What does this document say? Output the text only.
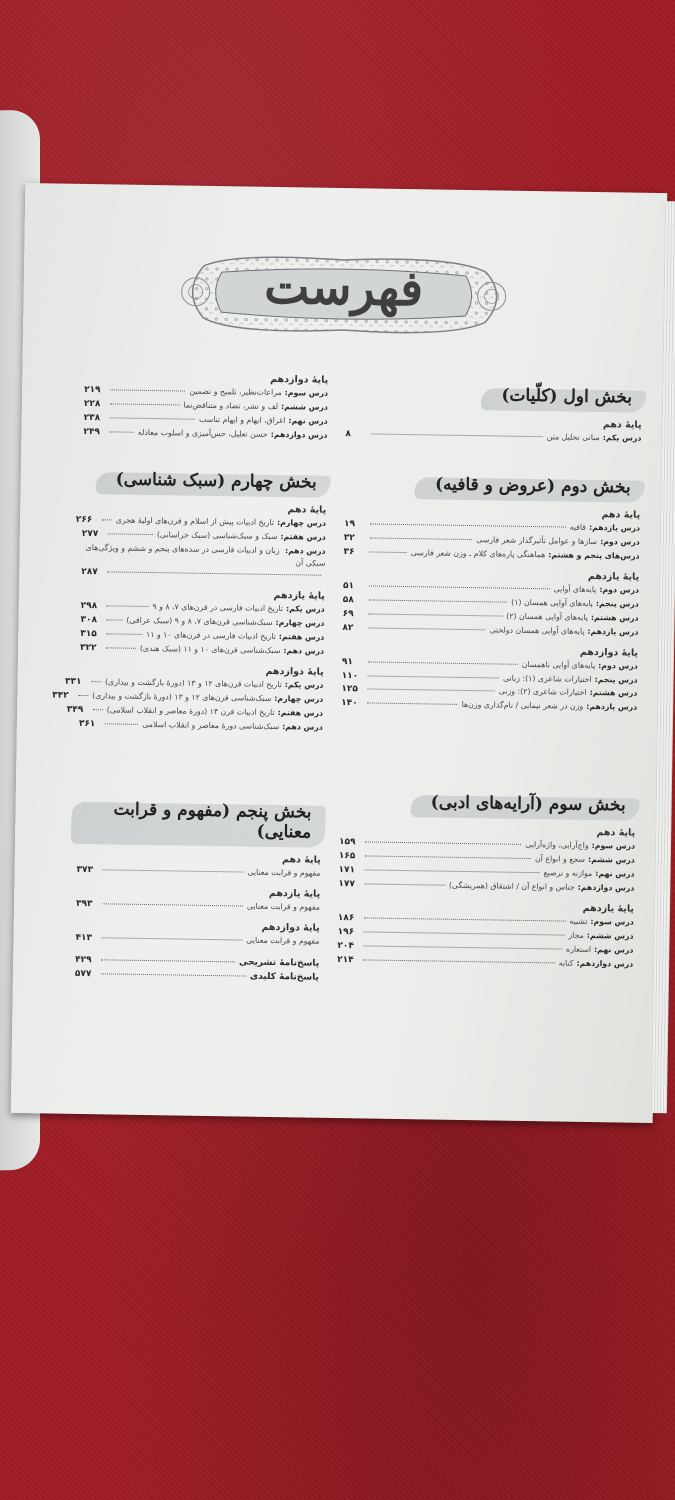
فهرست
بخش اول (کلّیات)
پایهٔ دهم
درس یکم:
مبانی تحلیل متن
۸
بخش دوم (عروض و قافیه)
پایهٔ دهم
درس یازدهم:
قافیه
۱۹
درس دوم:
سازها و عوامل تأثیرگذار شعر فارسی
۳۲
درس‌های پنجم و هشتم:
هماهنگی پاره‌های کلام ـ وزن شعر فارسی
۳۶
پایهٔ یازدهم
درس دوم:
پایه‌های آوایی
۵۱
درس پنجم:
پایه‌های آوایی همسان (۱)
۵۸
درس هشتم:
پایه‌های آوایی همسان (۲)
۶۹
درس یازدهم:
پایه‌های آوایی همسان دولختی
۸۲
پایهٔ دوازدهم
درس دوم:
پایه‌های آوایی ناهمسان
۹۱
درس پنجم:
اختیارات شاعری (۱): زبانی
۱۱۰
درس هشتم:
اختیارات شاعری (۲): وزنی
۱۲۵
درس یازدهم:
وزن در شعر نیمایی / نام‌گذاری وزن‌ها
۱۴۰
بخش سوم (آرایه‌های ادبی)
پایهٔ دهم
درس سوم:
واج‌آرایی، واژه‌آرایی
۱۵۹
درس ششم:
سجع و انواع آن
۱۶۵
درس نهم:
موازنه و ترصیع
۱۷۱
درس دوازدهم:
جناس و انواع آن / اشتقاق (همریشگی)
۱۷۷
پایهٔ یازدهم
درس سوم:
تشبیه
۱۸۶
درس ششم:
مجاز
۱۹۶
درس نهم:
استعاره
۲۰۴
درس دوازدهم:
کنایه
۲۱۴
پایهٔ دوازدهم
درس سوم:
مراعات‌نظیر، تلمیح و تضمین
۲۱۹
درس ششم:
لف و نشر، تضاد و متناقض‌نما
۲۲۸
درس نهم:
اغراق، ایهام و ایهام تناسب
۲۳۸
درس دوازدهم:
حسن تعلیل، حس‌آمیزی و اسلوب معادله
۲۴۹
بخش چهارم (سبک شناسی)
پایهٔ دهم
درس چهارم:
تاریخ ادبیات پیش از اسلام و قرن‌های اولیهٔ هجری
۲۶۶
درس هفتم:
سبک و سبک‌شناسی (سبک خراسانی)
۲۷۷
درس دهم: زبان و ادبیات فارسی در سده‌های پنجم و ششم و ویژگی‌های سبکی آن
۲۸۷
پایهٔ یازدهم
درس یکم:
تاریخ ادبیات فارسی در قرن‌های ۷، ۸ و ۹
۲۹۸
درس چهارم:
سبک‌شناسی قرن‌های ۷، ۸ و ۹ (سبک عراقی)
۳۰۸
درس هفتم:
تاریخ ادبیات فارسی در قرن‌های ۱۰ و ۱۱
۳۱۵
درس دهم:
سبک‌شناسی قرن‌های ۱۰ و ۱۱ (سبک هندی)
۳۲۲
پایهٔ دوازدهم
درس یکم:
تاریخ ادبیات قرن‌های ۱۲ و ۱۳ (دورهٔ بازگشت و بیداری)
۳۳۱
درس چهارم:
سبک‌شناسی قرن‌های ۱۲ و ۱۳ (دورهٔ بازگشت و بیداری)
۳۴۲
درس هفتم:
تاریخ ادبیات قرن ۱۴ (دورهٔ معاصر و انقلاب اسلامی)
۳۴۹
درس دهم:
سبک‌شناسی دورهٔ معاصر و انقلاب اسلامی
۳۶۱
بخش پنجم (مفهوم و قرابت معنایی)
پایهٔ دهم
مفهوم و قرابت معنایی
۳۷۳
پایهٔ یازدهم
مفهوم و قرابت معنایی
۳۹۳
پایهٔ دوازدهم
مفهوم و قرابت معنایی
۴۱۳
پاسخ‌نامهٔ تشریحی
۴۲۹
پاسخ‌نامهٔ کلیدی
۵۷۷
